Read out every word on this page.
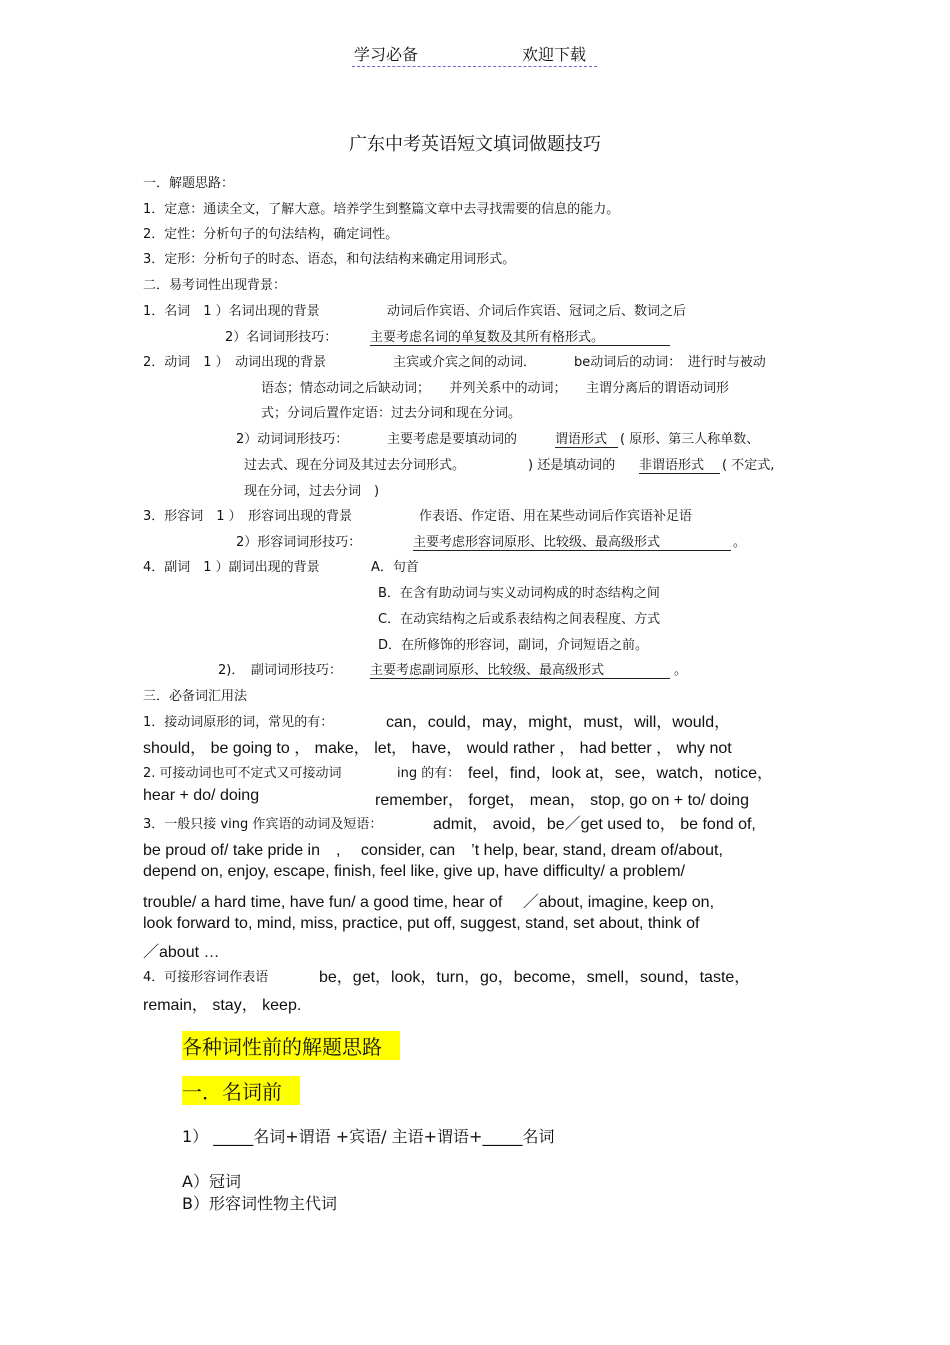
学习必备	欢迎下载
广东中考英语短文填词做题技巧
一．解题思路：
1．定意：通读全文，了解大意。培养学生到整篇文章中去寻找需要的信息的能力。
2．定性：分析句子的句法结构，确定词性。
3．定形：分析句子的时态、语态，和句法结构来确定用词形式。
二．易考词性出现背景：
1．名词　1 ）名词出现的背景	动词后作宾语、介词后作宾语、冠词之后、数词之后
2）名词词形技巧：	主要考虑名词的单复数及其所有格形式。
2．动词　1 ）　动词出现的背景	主宾或介宾之间的动词．	be动词后的动词：　进行时与被动
语态；情态动词之后缺动词；　　并列关系中的动词；　　主谓分离后的谓语动词形
式；分词后置作定语：过去分词和现在分词。
2）动词词形技巧：	主要考虑是要填动词的	谓语形式 ( 原形、第三人称单数、
过去式、现在分词及其过去分词形式。	) 还是填动词的 非谓语形式	( 不定式,
现在分词，过去分词　)
3．形容词　1 ）　形容词出现的背景	作表语、作定语、用在某些动词后作宾语补足语
2）形容词词形技巧：	主要考虑形容词原形、比较级、最高级形式	。
4．副词　1 ）副词出现的背景	A．句首
B．在含有助动词与实义动词构成的时态结构之间
C．在动宾结构之后或系表结构之间表程度、方式
D．在所修饰的形容词，副词，介词短语之前。
2)．　副词词形技巧： 主要考虑副词原形、比较级、最高级形式	。
三．必备词汇用法
1．接动词原形的词，常见的有：	can，could，may，might，must，will，would，
should， be going to ， make， let， have， would rather ， had better ， why not
2. 可接动词也可不定式又可接动词	ing 的有： feel，find，look at，see，watch，notice，
hear + do/ doing	remember， forget， mean， stop, go on + to/ doing
3．一般只接 ving 作宾语的动词及短语：	admit， avoid，be／get used to， be fond of,
be proud of/ take pride in　,　 consider, can　’t help, bear, stand, dream of/about,
depend on, enjoy, escape, finish, feel like, give up, have difficulty/ a problem/
trouble/ a hard time, have fun/ a good time, hear of　 ／about, imagine, keep on,
look forward to, mind, miss, practice, put off, suggest, stand, set about, think of
／about …
4．可接形容词作表语	be，get，look，turn，go，become，smell，sound，taste，
remain， stay， keep.
各种词性前的解题思路
一．名词前
1） _____名词+谓语 +宾语/ 主语+谓语+_____名词
A）冠词
B）形容词性物主代词
